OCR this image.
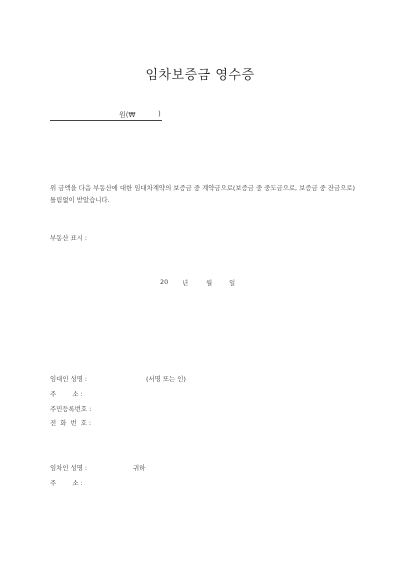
임차보증금 영수증
원(₩	)
위 금액을 다음 부동산에 대한 임대차계약의 보증금 중 계약금으로(보증금 중 중도금으로, 보증금 중 잔금으로) 틀림없이 받았습니다.
부동산 표시 :
20 년	월	일
임대인 성명 :	(서명 또는 인)
주        소 :
주민등록번호 :
전  화  번  호 :
임차인 성명 :	귀하
주        소 :
